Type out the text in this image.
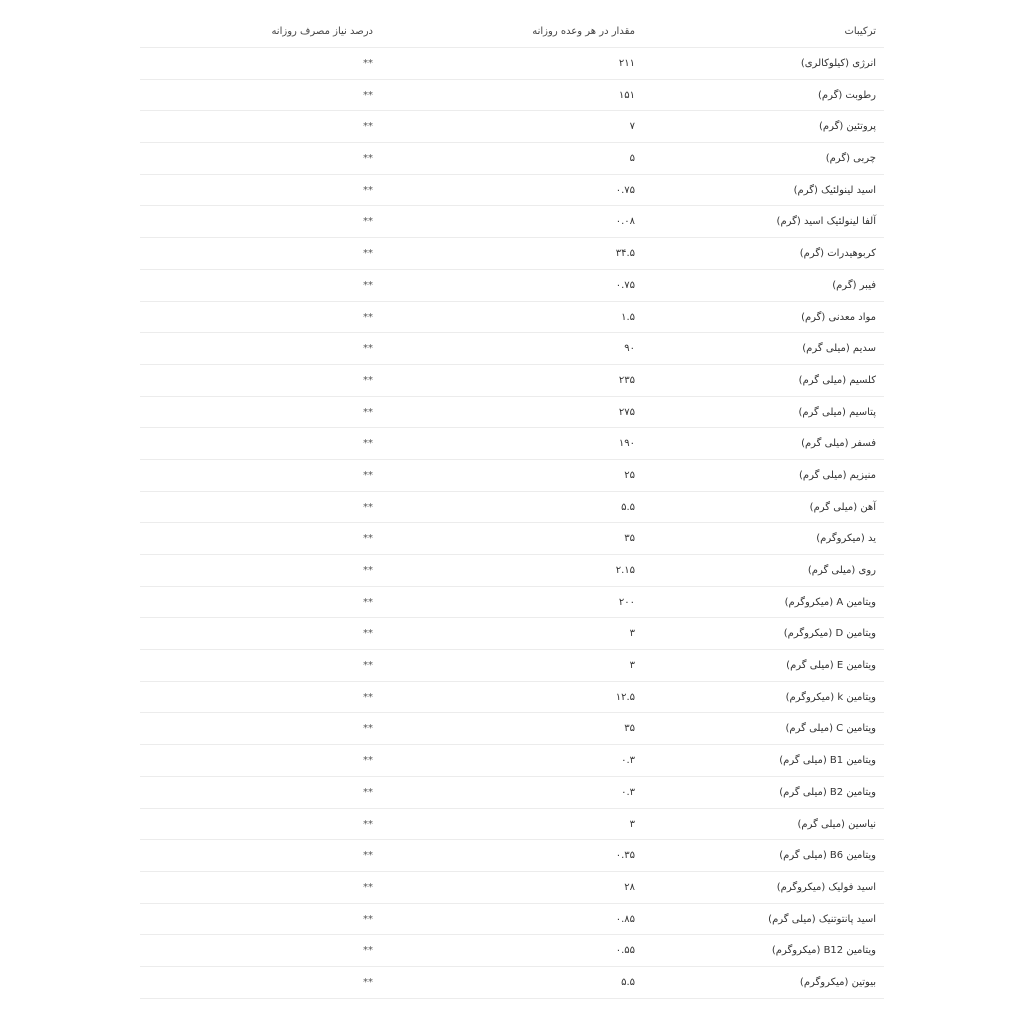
ترکیبات
مقدار در هر وعده روزانه
درصد نیاز مصرف روزانه
انرژی (کیلوکالری)
۲۱۱
**
رطوبت (گرم)
۱۵۱
**
پروتئین (گرم)
۷
**
چربی (گرم)
۵
**
اسید لینولئیک (گرم)
۰.۷۵
**
آلفا لینولئیک اسید (گرم)
۰.۰۸
**
کربوهیدرات (گرم)
۳۴.۵
**
فیبر (گرم)
۰.۷۵
**
مواد معدنی (گرم)
۱.۵
**
سدیم (میلی گرم)
۹۰
**
کلسیم (میلی گرم)
۲۳۵
**
پتاسیم (میلی گرم)
۲۷۵
**
فسفر (میلی گرم)
۱۹۰
**
منیزیم (میلی گرم)
۲۵
**
آهن (میلی گرم)
۵.۵
**
ید (میکروگرم)
۳۵
**
روی (میلی گرم)
۲.۱۵
**
ویتامین A (میکروگرم)
۲۰۰
**
ویتامین D (میکروگرم)
۳
**
ویتامین E (میلی گرم)
۳
**
ویتامین k (میکروگرم)
۱۲.۵
**
ویتامین C (میلی گرم)
۳۵
**
ویتامین B1 (میلی گرم)
۰.۳
**
ویتامین B2 (میلی گرم)
۰.۳
**
نیاسین (میلی گرم)
۳
**
ویتامین B6 (میلی گرم)
۰.۳۵
**
اسید فولیک (میکروگرم)
۲۸
**
اسید پانتوتنیک (میلی گرم)
۰.۸۵
**
ویتامین B12 (میکروگرم)
۰.۵۵
**
بیوتین (میکروگرم)
۵.۵
**
